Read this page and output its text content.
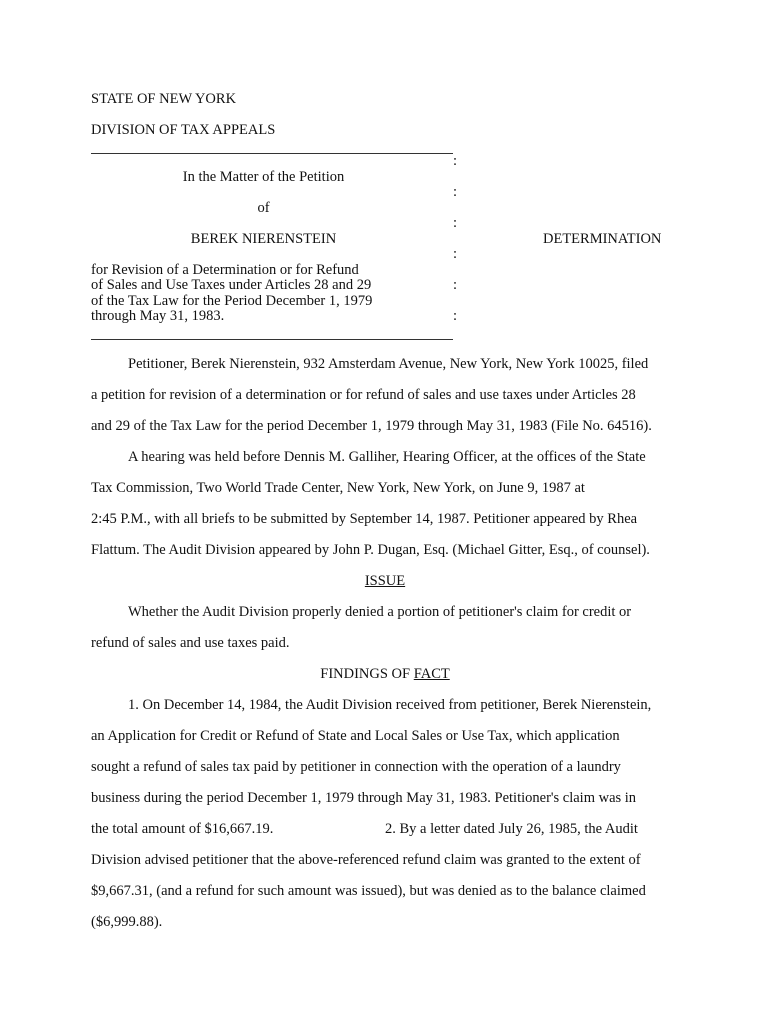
STATE OF NEW YORK
DIVISION OF TAX APPEALS
:
In the Matter of the Petition
:
of
:
BEREK NIERENSTEIN	DETERMINATION
:
for Revision of a Determination or for Refund
of Sales and Use Taxes under Articles 28 and 29	:
of the Tax Law for the Period December 1, 1979
through May 31, 1983.	:
Petitioner, Berek Nierenstein, 932 Amsterdam Avenue, New York, New York 10025, filed
a petition for revision of a determination or for refund of sales and use taxes under Articles 28
and 29 of the Tax Law for the period December 1, 1979 through May 31, 1983 (File No. 64516).
A hearing was held before Dennis M. Galliher, Hearing Officer, at the offices of the State
Tax Commission, Two World Trade Center, New York, New York, on June 9, 1987 at
2:45 P.M., with all briefs to be submitted by September 14, 1987. Petitioner appeared by Rhea
Flattum. The Audit Division appeared by John P. Dugan, Esq. (Michael Gitter, Esq., of counsel).
ISSUE
Whether the Audit Division properly denied a portion of petitioner's claim for credit or
refund of sales and use taxes paid.
FINDINGS OF FACT
1. On December 14, 1984, the Audit Division received from petitioner, Berek Nierenstein,
an Application for Credit or Refund of State and Local Sales or Use Tax, which application
sought a refund of sales tax paid by petitioner in connection with the operation of a laundry
business during the period December 1, 1979 through May 31, 1983. Petitioner's claim was in
the total amount of $16,667.19.	2. By a letter dated July 26, 1985, the Audit
Division advised petitioner that the above-referenced refund claim was granted to the extent of
$9,667.31, (and a refund for such amount was issued), but was denied as to the balance claimed
($6,999.88).
